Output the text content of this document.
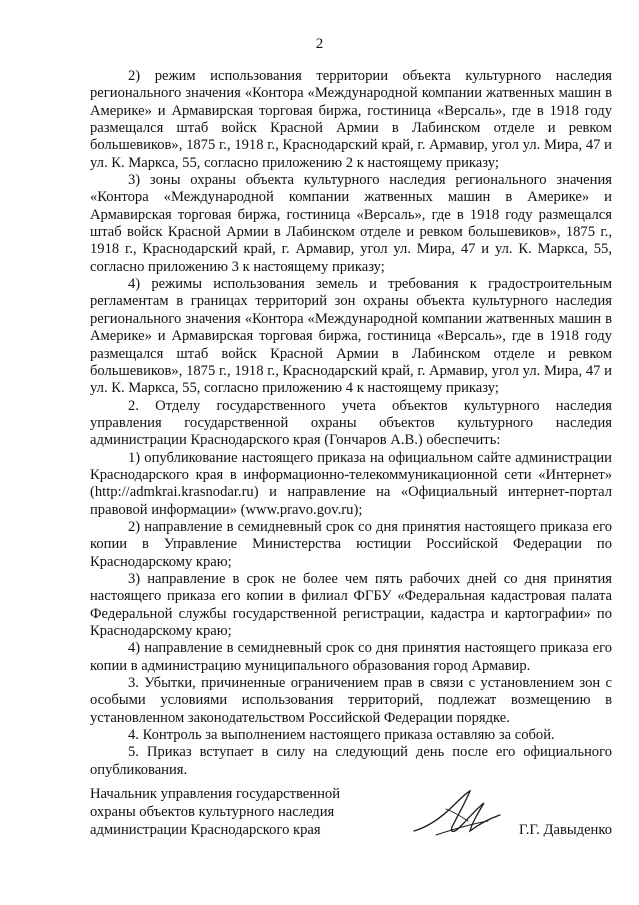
2

2) режим использования территории объекта культурного наследия регионального значения «Контора «Международной компании жатвенных машин в Америке» и Армавирская торговая биржа, гостиница «Версаль», где в 1918 году размещался штаб войск Красной Армии в Лабинском отделе и ревком большевиков», 1875 г., 1918 г., Краснодарский край, г. Армавир, угол ул. Мира, 47 и ул. К. Маркса, 55, согласно приложению 2 к настоящему приказу;

3) зоны охраны объекта культурного наследия регионального значения «Контора «Международной компании жатвенных машин в Америке» и Армавирская торговая биржа, гостиница «Версаль», где в 1918 году размещался штаб войск Красной Армии в Лабинском отделе и ревком большевиков», 1875 г., 1918 г., Краснодарский край, г. Армавир, угол ул. Мира, 47 и ул. К. Маркса, 55, согласно приложению 3 к настоящему приказу;

4) режимы использования земель и требования к градостроительным регламентам в границах территорий зон охраны объекта культурного наследия регионального значения «Контора «Международной компании жатвенных машин в Америке» и Армавирская торговая биржа, гостиница «Версаль», где в 1918 году размещался штаб войск Красной Армии в Лабинском отделе и ревком большевиков», 1875 г., 1918 г., Краснодарский край, г. Армавир, угол ул. Мира, 47 и ул. К. Маркса, 55, согласно приложению 4 к настоящему приказу;

2. Отделу государственного учета объектов культурного наследия управления государственной охраны объектов культурного наследия администрации Краснодарского края (Гончаров А.В.) обеспечить:

1) опубликование настоящего приказа на официальном сайте администрации Краснодарского края в информационно-телекоммуникационной сети «Интернет» (http://admkrai.krasnodar.ru) и направление на «Официальный интернет-портал правовой информации» (www.pravo.gov.ru);

2) направление в семидневный срок со дня принятия настоящего приказа его копии в Управление Министерства юстиции Российской Федерации по Краснодарскому краю;

3) направление в срок не более чем пять рабочих дней со дня принятия настоящего приказа его копии в филиал ФГБУ «Федеральная кадастровая палата Федеральной службы государственной регистрации, кадастра и картографии» по Краснодарскому краю;

4) направление в семидневный срок со дня принятия настоящего приказа его копии в администрацию муниципального образования город Армавир.

3. Убытки, причиненные ограничением прав в связи с установлением зон с особыми условиями использования территорий, подлежат возмещению в установленном законодательством Российской Федерации порядке.

4. Контроль за выполнением настоящего приказа оставляю за собой.

5. Приказ вступает в силу на следующий день после его официального опубликования.

Начальник управления государственной
охраны объектов культурного наследия
администрации Краснодарского края	Г.Г. Давыденко
